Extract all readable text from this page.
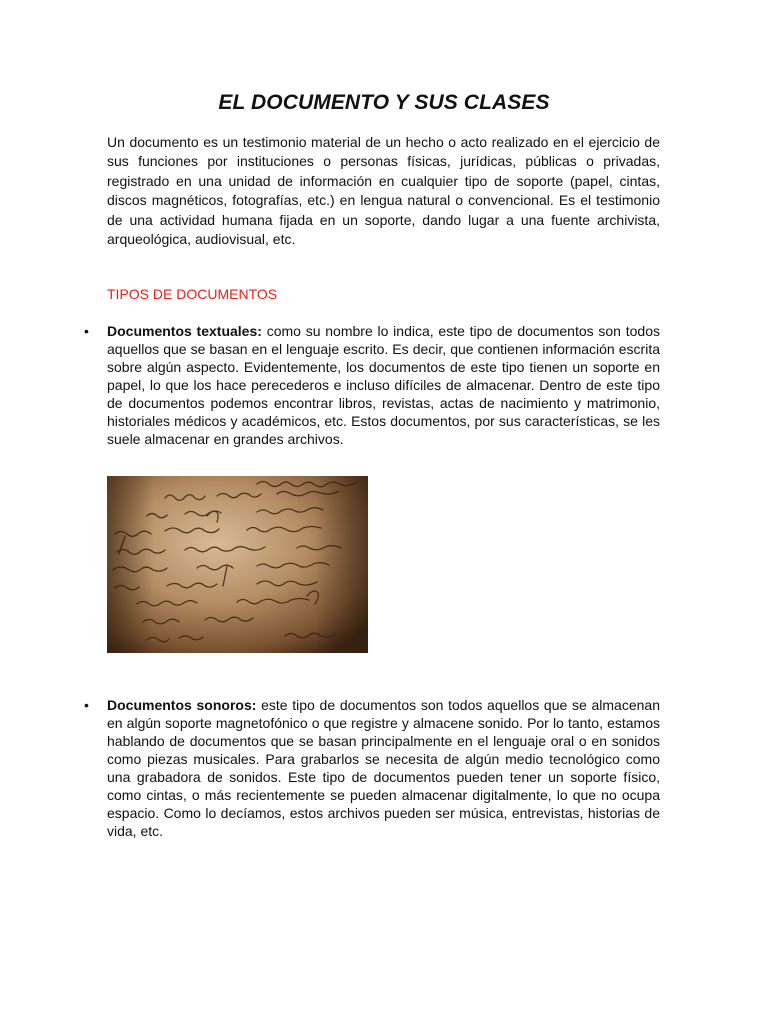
EL DOCUMENTO Y SUS CLASES

Un documento es un testimonio material de un hecho o acto realizado en el ejercicio de sus funciones por instituciones o personas físicas, jurídicas, públicas o privadas, registrado en una unidad de información en cualquier tipo de soporte (papel, cintas, discos magnéticos, fotografías, etc.) en lengua natural o convencional. Es el testimonio de una actividad humana fijada en un soporte, dando lugar a una fuente archivista, arqueológica, audiovisual, etc.

TIPOS DE DOCUMENTOS

• Documentos textuales: como su nombre lo indica, este tipo de documentos son todos aquellos que se basan en el lenguaje escrito. Es decir, que contienen información escrita sobre algún aspecto. Evidentemente, los documentos de este tipo tienen un soporte en papel, lo que los hace perecederos e incluso difíciles de almacenar. Dentro de este tipo de documentos podemos encontrar libros, revistas, actas de nacimiento y matrimonio, historiales médicos y académicos, etc. Estos documentos, por sus características, se les suele almacenar en grandes archivos.

• Documentos sonoros: este tipo de documentos son todos aquellos que se almacenan en algún soporte magnetofónico o que registre y almacene sonido. Por lo tanto, estamos hablando de documentos que se basan principalmente en el lenguaje oral o en sonidos como piezas musicales. Para grabarlos se necesita de algún medio tecnológico como una grabadora de sonidos. Este tipo de documentos pueden tener un soporte físico, como cintas, o más recientemente se pueden almacenar digitalmente, lo que no ocupa espacio. Como lo decíamos, estos archivos pueden ser música, entrevistas, historias de vida, etc.
